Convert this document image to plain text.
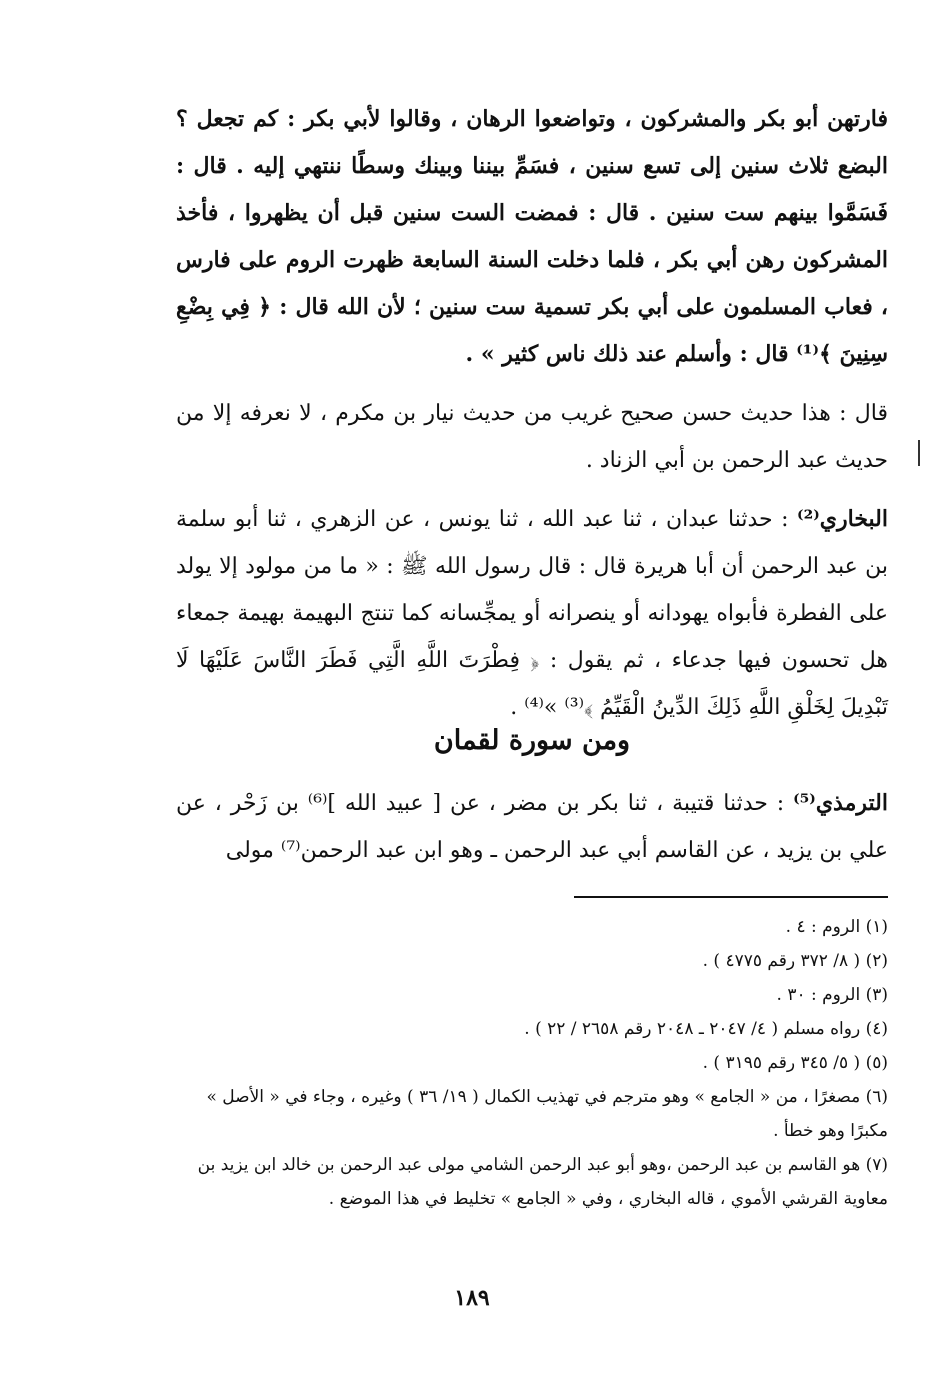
فارتهن أبو بكر والمشركون ، وتواضعوا الرهان ، وقالوا لأبي بكر : كم تجعل ؟ البضع ثلاث سنين إلى تسع سنين ، فسَمِّ بيننا وبينك وسطًا ننتهي إليه . قال : فَسَمَّوا بينهم ست سنين . قال : فمضت الست سنين قبل أن يظهروا ، فأخذ المشركون رهن أبي بكر ، فلما دخلت السنة السابعة ظهرت الروم على فارس ، فعاب المسلمون على أبي بكر تسمية ست سنين ؛ لأن الله قال : ﴿ فِي بِضْعِ سِنِينَ ﴾⁽¹⁾ قال : وأسلم عند ذلك ناس كثير » .

قال : هذا حديث حسن صحيح غريب من حديث نيار بن مكرم ، لا نعرفه إلا من حديث عبد الرحمن بن أبي الزناد .

البخاري⁽²⁾ : حدثنا عبدان ، ثنا عبد الله ، ثنا يونس ، عن الزهري ، ثنا أبو سلمة بن عبد الرحمن أن أبا هريرة قال : قال رسول الله ﷺ : « ما من مولود إلا يولد على الفطرة فأبواه يهودانه أو ينصرانه أو يمجِّسانه كما تنتج البهيمة بهيمة جمعاء هل تحسون فيها جدعاء ، ثم يقول : ﴿ فِطْرَتَ اللَّهِ الَّتِي فَطَرَ النَّاسَ عَلَيْهَا لَا تَبْدِيلَ لِخَلْقِ اللَّهِ ذَلِكَ الدِّينُ الْقَيِّمُ ﴾⁽³⁾ »⁽⁴⁾ .

ومن سورة لقمان

الترمذي⁽⁵⁾ : حدثنا قتيبة ، ثنا بكر بن مضر ، عن [ عبيد الله ]⁽⁶⁾ بن زَحْر ، عن علي بن يزيد ، عن القاسم أبي عبد الرحمن ـ وهو ابن عبد الرحمن⁽⁷⁾ مولى

(١) الروم : ٤ .
(٢) ( ٨/ ٣٧٢ رقم ٤٧٧٥ ) .
(٣) الروم : ٣٠ .
(٤) رواه مسلم ( ٤/ ٢٠٤٧ ـ ٢٠٤٨ رقم ٢٦٥٨ / ٢٢ ) .
(٥) ( ٥/ ٣٤٥ رقم ٣١٩٥ ) .
(٦) مصغرًا ، من « الجامع » وهو مترجم في تهذيب الكمال ( ١٩/ ٣٦ ) وغيره ، وجاء في « الأصل » مكبرًا وهو خطأ .
(٧) هو القاسم بن عبد الرحمن ،وهو أبو عبد الرحمن الشامي مولى عبد الرحمن بن خالد ابن يزيد بن معاوية القرشي الأموي ، قاله البخاري ، وفي « الجامع » تخليط في هذا الموضع .
١٨٩
